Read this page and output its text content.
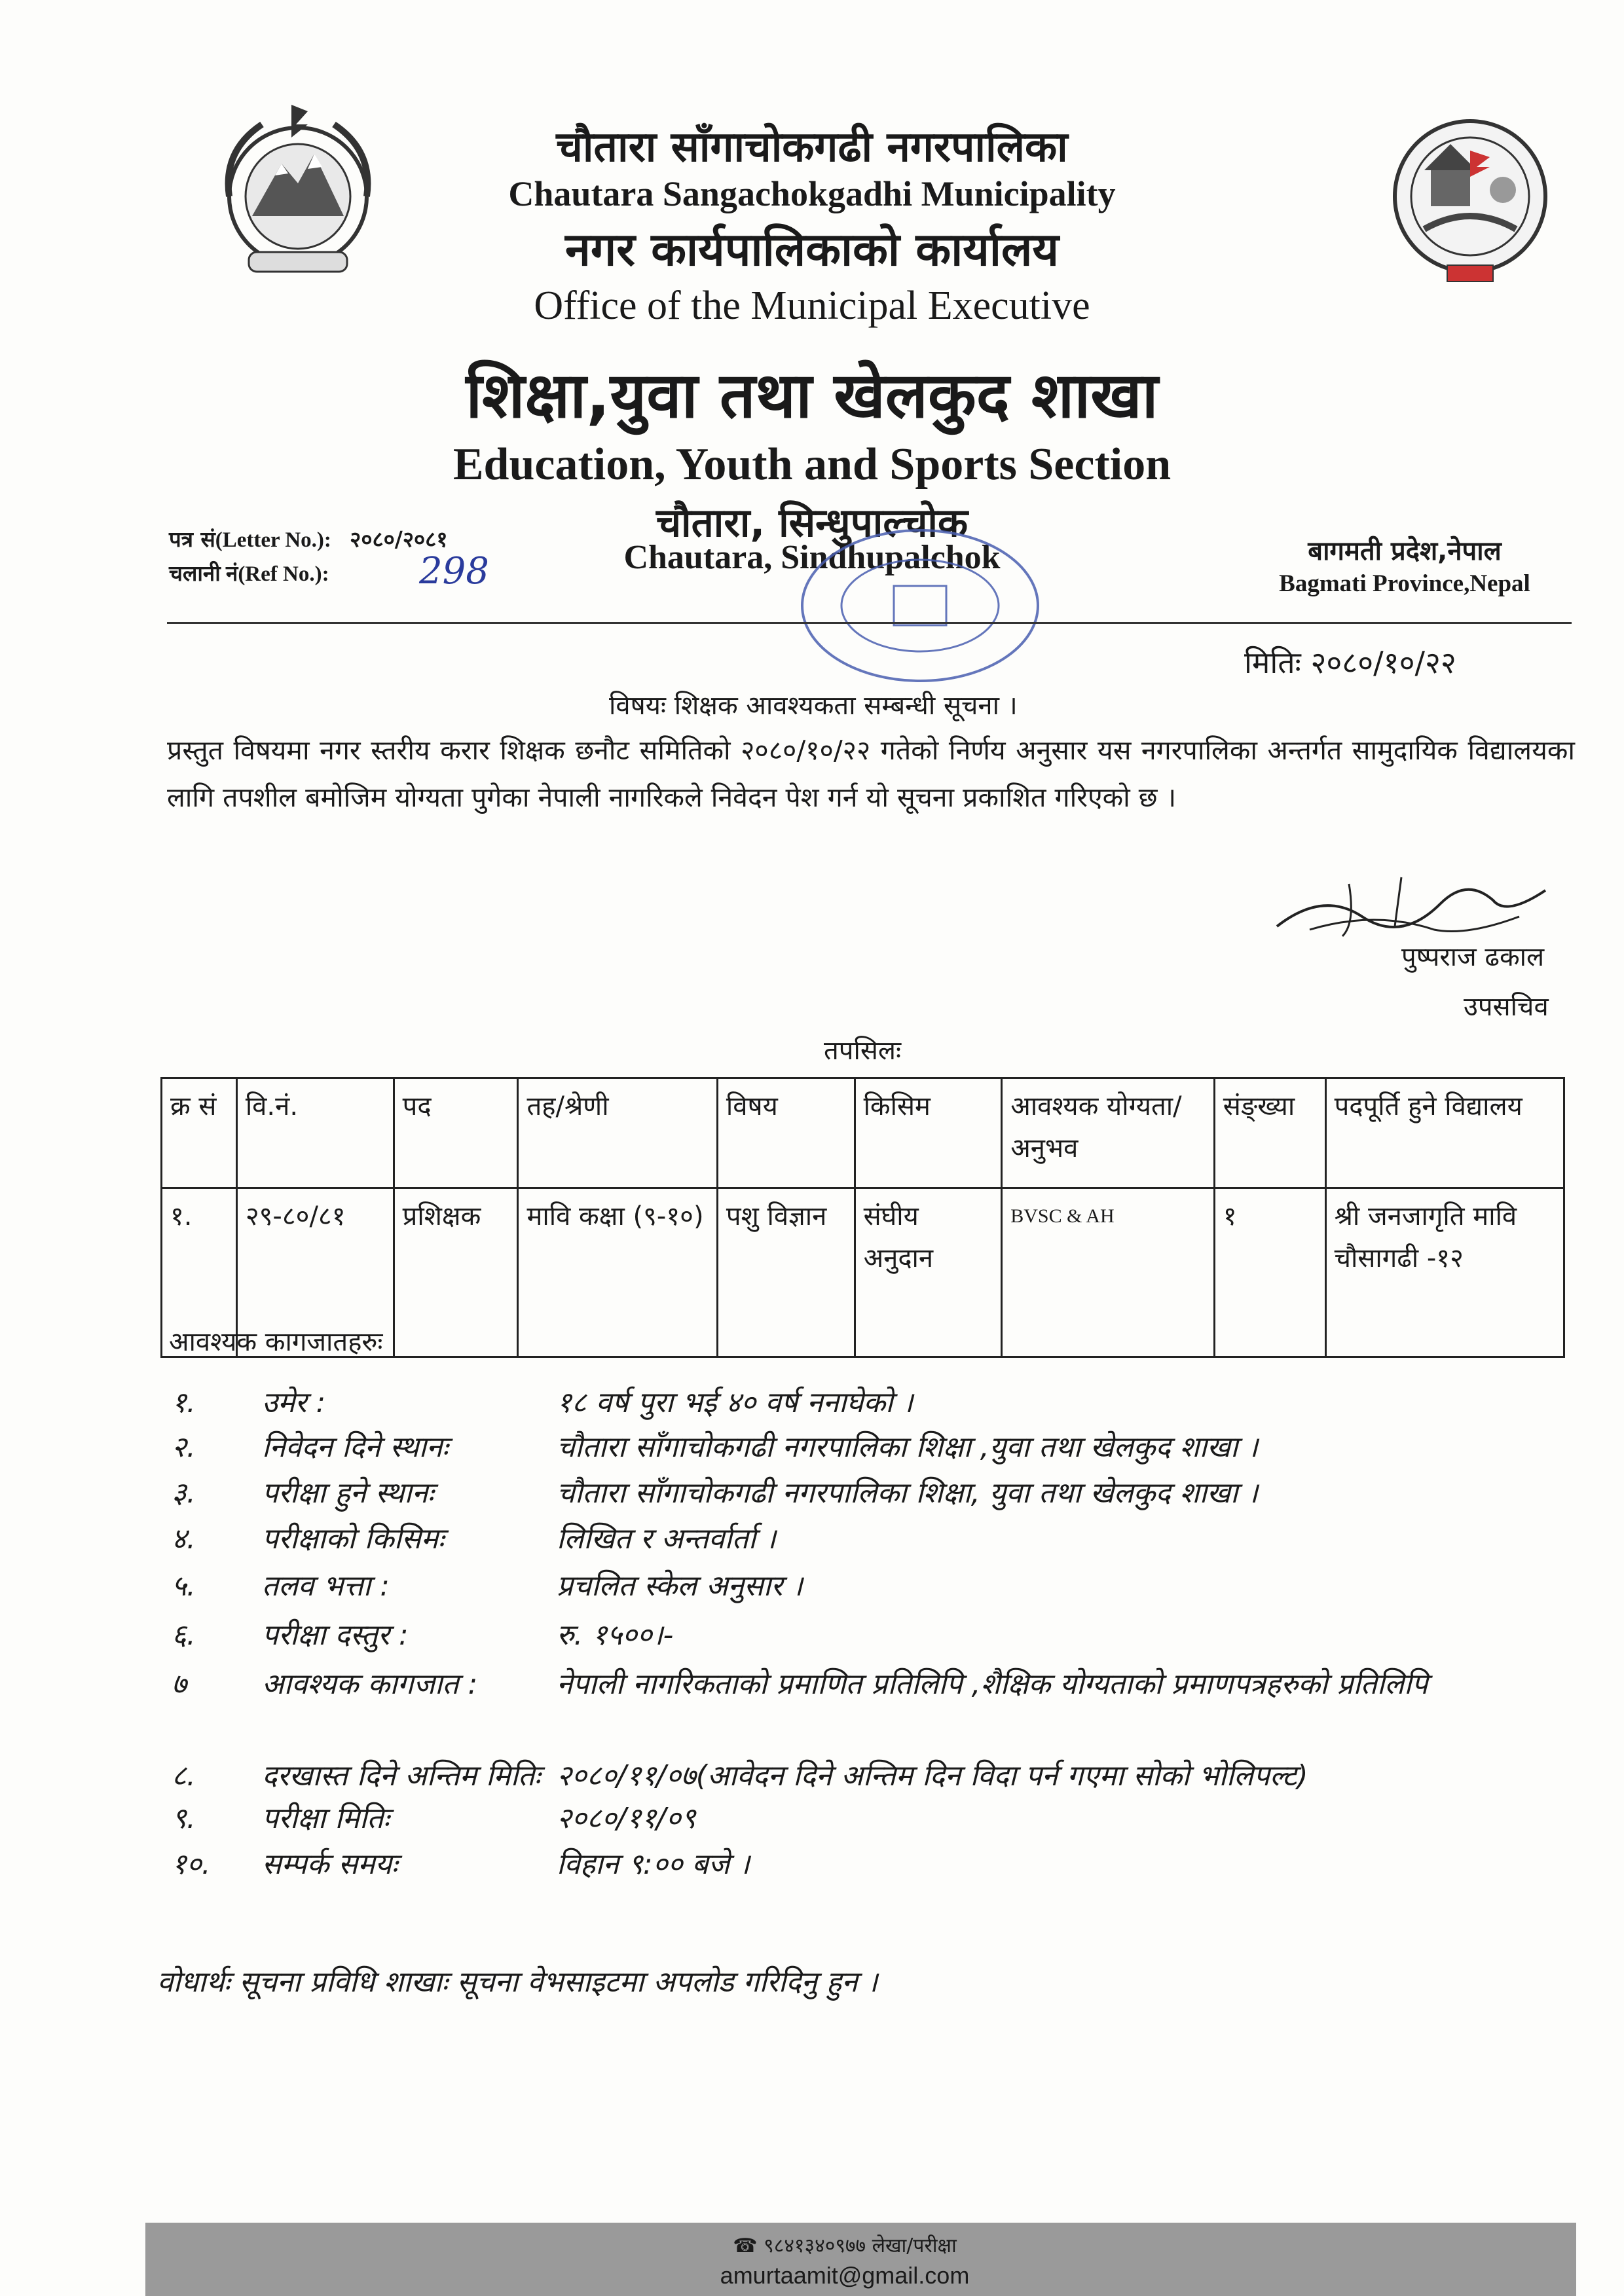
चौतारा साँगाचोकगढी नगरपालिका
Chautara Sangachokgadhi Municipality
नगर कार्यपालिकाको कार्यालय
Office of the Municipal Executive
शिक्षा,युवा तथा खेलकुद शाखा
Education, Youth and Sports Section
चौतारा, सिन्धुपाल्चोक
Chautara, Sindhupalchok
पत्र सं(Letter No.): २०८०/२०८१
चलानी नं(Ref No.): 298	बागमती प्रदेश,नेपाल
Bagmati Province,Nepal
मितिः २०८०/१०/२२
विषयः शिक्षक आवश्यकता सम्बन्धी सूचना ।
प्रस्तुत विषयमा नगर स्तरीय करार शिक्षक छनौट समितिको २०८०/१०/२२ गतेको निर्णय अनुसार यस नगरपालिका अन्तर्गत सामुदायिक विद्यालयका लागि तपशील बमोजिम योग्यता पुगेका नेपाली नागरिकले निवेदन पेश गर्न यो सूचना प्रकाशित गरिएको छ ।
पुष्पराज ढकाल
उपसचिव
तपसिलः
क्र सं	वि.नं.	पद	तह/श्रेणी	विषय	किसिम	आवश्यक योग्यता/अनुभव	संङ्ख्या	पदपूर्ति हुने विद्यालय
१.	२९-८०/८१	प्रशिक्षक	मावि कक्षा (९-१०)	पशु विज्ञान	संघीय अनुदान	BVSC & AH	१	श्री जनजागृति मावि चौसागढी -१२
आवश्यक कागजातहरुः
१. उमेर :	१८ वर्ष पुरा भई ४० वर्ष ननाघेको ।
२. निवेदन दिने स्थानः	चौतारा साँगाचोकगढी नगरपालिका शिक्षा ,युवा तथा खेलकुद शाखा ।
३. परीक्षा हुने स्थानः	चौतारा साँगाचोकगढी नगरपालिका शिक्षा, युवा तथा खेलकुद शाखा ।
४. परीक्षाको किसिमः	लिखित र अन्तर्वार्ता ।
५. तलव भत्ता :	प्रचलित स्केल अनुसार ।
६. परीक्षा दस्तुर :	रु. १५००।-
७	आवश्यक कागजात :	नेपाली नागरिकताको प्रमाणित प्रतिलिपि ,शैक्षिक योग्यताको प्रमाणपत्रहरुको प्रतिलिपि
८. दरखास्त दिने अन्तिम मितिः २०८०/११/०७(आवेदन दिने अन्तिम दिन विदा पर्न गएमा सोको भोलिपल्ट)
९. परीक्षा मितिः	२०८०/११/०९
१०. सम्पर्क समयः	विहान ९:०० बजे ।
वोधार्थः सूचना प्रविधि शाखाः सूचना वेभसाइटमा अपलोड गरिदिनु हुन ।
☎ ९८४१३४०९७७ लेखा/परीक्षा
amurtaamit@gmail.com
